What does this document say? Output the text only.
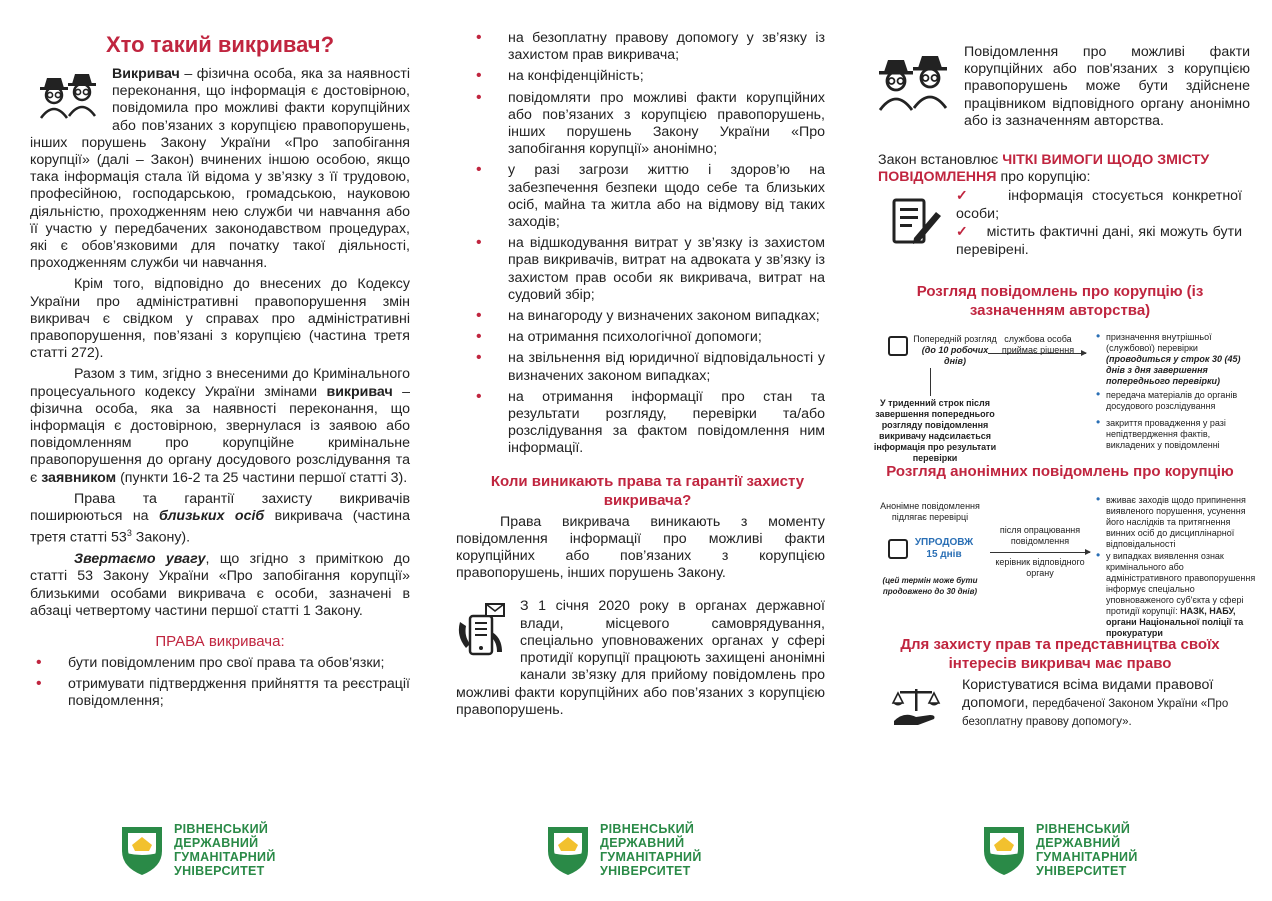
Хто такий викривач?
Викривач – фізична особа, яка за наявності переконання, що інформація є достовірною, повідомила про можливі факти корупційних або пов’язаних з корупцією правопорушень, інших порушень Закону України «Про запобігання корупції» (далі – Закон) вчинених іншою особою, якщо така інформація стала їй відома у зв’язку з її трудовою, професійною, господарською, громадською, науковою діяльністю, проходженням нею служби чи навчання або її участю у передбачених законодавством процедурах, які є обов’язковими для початку такої діяльності, проходженням служби чи навчання.
Крім того, відповідно до внесених до Кодексу України про адміністративні правопорушення змін викривач є свідком у справах про адміністративні правопорушення, пов’язані з корупцією (частина третя статті 272).
Разом з тим, згідно з внесеними до Кримінального процесуального кодексу України змінами викривач – фізична особа, яка за наявності переконання, що інформація є достовірною, звернулася із заявою або повідомленням про корупційне кримінальне правопорушення до органу досудового розслідування та є заявником (пункти 16-2 та 25 частини першої статті 3).
Права та гарантії захисту викривачів поширюються на близьких осіб викривача (частина третя статті $53^3$ Закону).
Звертаємо увагу, що згідно з приміткою до статті 53 Закону України «Про запобігання корупції» близькими особами викривача є особи, зазначені в абзаці четвертому частини першої статті 1 Закону.
ПРАВА викривача:
• бути повідомленим про свої права та обов’язки;
• отримувати підтвердження прийняття та реєстрації повідомлення;
• на безоплатну правову допомогу у зв’язку із захистом прав викривача;
• на конфіденційність;
• повідомляти про можливі факти корупційних або пов’язаних з корупцією правопорушень, інших порушень Закону України «Про запобігання корупції» анонімно;
• у разі загрози життю і здоров’ю на забезпечення безпеки щодо себе та близьких осіб, майна та житла або на відмову від таких заходів;
• на відшкодування витрат у зв’язку із захистом прав викривачів, витрат на адвоката у зв’язку із захистом прав особи як викривача, витрат на судовий збір;
• на винагороду у визначених законом випадках;
• на отримання психологічної допомоги;
• на звільнення від юридичної відповідальності у визначених законом випадках;
• на отримання інформації про стан та результати розгляду, перевірки та/або розслідування за фактом повідомлення ним інформації.
Коли виникають права та гарантії захисту викривача?
Права викривача виникають з моменту повідомлення інформації про можливі факти корупційних або пов’язаних з корупцією правопорушень, інших порушень Закону.
З 1 січня 2020 року в органах державної влади, місцевого самоврядування, спеціально уповноважених органах у сфері протидії корупції працюють захищені анонімні канали зв’язку для прийому повідомлень про можливі факти корупційних або пов’язаних з корупцією правопорушень.
Повідомлення про можливі факти корупційних або пов'язаних з корупцією правопорушень може бути здійснене працівником відповідного органу анонімно або із зазначенням авторства.
Закон встановлює ЧІТКІ ВИМОГИ ЩОДО ЗМІСТУ ПОВІДОМЛЕННЯ про корупцію:
✓ інформація стосується конкретної особи;
✓ містить фактичні дані, які можуть бути перевірені.
Розгляд повідомлень про корупцію (із зазначенням авторства)
Попередній розгляд
(до 10 робочих днів)
службова особа приймає рішення
У триденний строк після завершення попереднього розгляду повідомлення викривачу надсилається інформація про результати перевірки
• призначення внутрішньої (службової) перевірки (проводиться у строк 30 (45) днів з дня завершення попереднього перевірки)
• передача матеріалів до органів досудового розслідування
• закриття провадження у разі непідтвердження фактів, викладених у повідомленні
Розгляд анонімних повідомлень про корупцію
Анонімне повідомлення підлягає перевірці
УПРОДОВЖ
15 днів
(цей термін може бути продовжено до 30 днів)
після опрацювання повідомлення
керівник відповідного органу
• вживає заходів щодо припинення виявленого порушення, усунення його наслідків та притягнення винних осіб до дисциплінарної відповідальності
• у випадках виявлення ознак кримінального або адміністративного правопорушення інформує спеціально уповноваженого суб'єкта у сфері протидії корупції: НАЗК, НАБУ, органи Національної поліції та прокуратури
Для захисту прав та представництва своїх інтересів викривач має право
Користуватися всіма видами правової допомоги, передбаченої Законом України «Про безоплатну правову допомогу».
РІВНЕНСЬКИЙ
ДЕРЖАВНИЙ
ГУМАНІТАРНИЙ
УНІВЕРСИТЕТ
РІВНЕНСЬКИЙ
ДЕРЖАВНИЙ
ГУМАНІТАРНИЙ
УНІВЕРСИТЕТ
РІВНЕНСЬКИЙ
ДЕРЖАВНИЙ
ГУМАНІТАРНИЙ
УНІВЕРСИТЕТ
